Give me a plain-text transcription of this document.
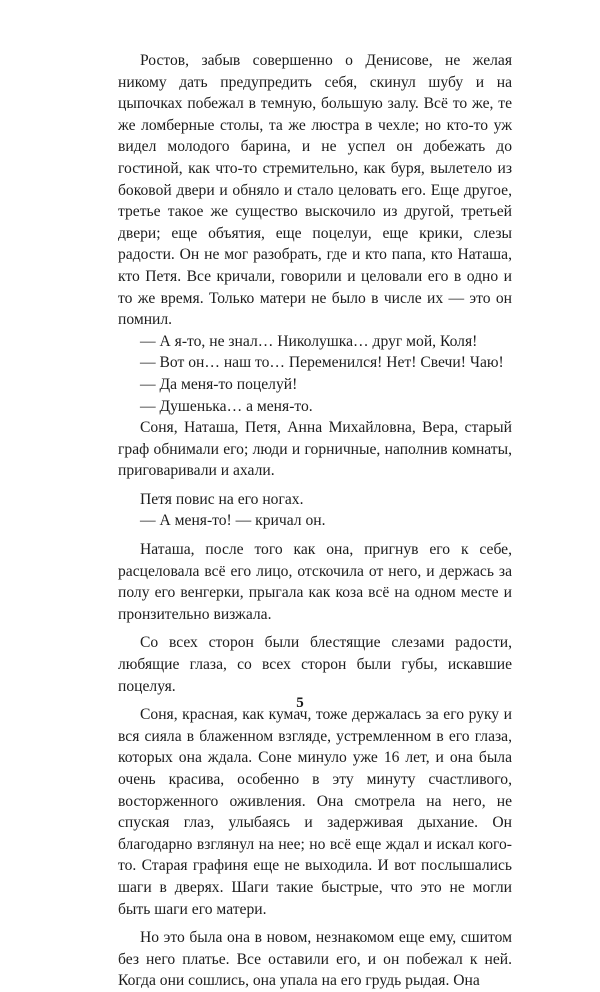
Ростов, забыв совершенно о Денисове, не желая никому дать предупредить себя, скинул шубу и на цыпочках побежал в темную, большую залу. Всё то же, те же ломберные столы, та же люстра в чехле; но кто-то уж видел молодого барина, и не успел он добежать до гостиной, как что-то стремительно, как буря, вылетело из боковой двери и обняло и стало целовать его. Еще другое, третье такое же существо выскочило из другой, третьей двери; еще объятия, еще поцелуи, еще крики, слезы радости. Он не мог разобрать, где и кто папа, кто Наташа, кто Петя. Все кричали, говорили и целовали его в одно и то же время. Только матери не было в числе их — это он помнил.

— А я-то, не знал… Николушка… друг мой, Коля!

— Вот он… наш то… Переменился! Нет! Свечи! Чаю!

— Да меня-то поцелуй!

— Душенька… а меня-то.

Соня, Наташа, Петя, Анна Михайловна, Вера, старый граф обнимали его; люди и горничные, наполнив комнаты, приговаривали и ахали.

Петя повис на его ногах.

— А меня-то! — кричал он.

Наташа, после того как она, пригнув его к себе, расцеловала всё его лицо, отскочила от него, и держась за полу его венгерки, прыгала как коза всё на одном месте и пронзительно визжала.

Со всех сторон были блестящие слезами радости, любящие глаза, со всех сторон были губы, искавшие поцелуя.

Соня, красная, как кумач, тоже держалась за его руку и вся сияла в блаженном взгляде, устремленном в его глаза, которых она ждала. Соне минуло уже 16 лет, и она была очень красива, особенно в эту минуту счастливого, восторженного оживления. Она смотрела на него, не спуская глаз, улыбаясь и задерживая дыхание. Он благодарно взглянул на нее; но всё еще ждал и искал кого-то. Старая графиня еще не выходила. И вот послышались шаги в дверях. Шаги такие быстрые, что это не могли быть шаги его матери.

Но это была она в новом, незнакомом еще ему, сшитом без него платье. Все оставили его, и он побежал к ней. Когда они сошлись, она упала на его грудь рыдая. Она

5
